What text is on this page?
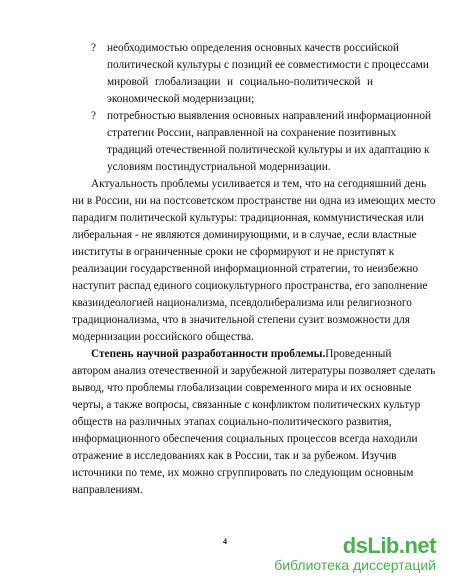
? необходимостью определения основных качеств российской
политической культуры с позиций ее совместимости с процессами
мировой глобализации и социально-политической и
экономической модернизации;
? потребностью выявления основных направлений информационной
стратегии России, направленной на сохранение позитивных
традиций отечественной политической культуры и их адаптацию к
условиям постиндустриальной модернизации.
Актуальность проблемы усиливается и тем, что на сегодняшний день
ни в России, ни на постсоветском пространстве ни одна из имеющих место
парадигм политической культуры: традиционная, коммунистическая или
либеральная - не являются доминирующими, и в случае, если властные
институты в ограниченные сроки не сформируют и не приступят к
реализации государственной информационной стратегии, то неизбежно
наступит распад единого социокультурного пространства, его заполнение
квазиидеологией национализма, псевдолиберализма или религиозного
традиционализма, что в значительной степени сузит возможности для
модернизации российского общества.
Степень научной разработанности проблемы. Проведенный
автором анализ отечественной и зарубежной литературы позволяет сделать
вывод, что проблемы глобализации современного мира и их основные
черты, а также вопросы, связанные с конфликтом политических культур
обществ на различных этапах социально-политического развития,
информационного обеспечения социальных процессов всегда находили
отражение в исследованиях как в России, так и за рубежом. Изучив
источники по теме, их можно сгруппировать по следующим основным
направлениям.
4	dsLib.net
библиотека диссертаций
